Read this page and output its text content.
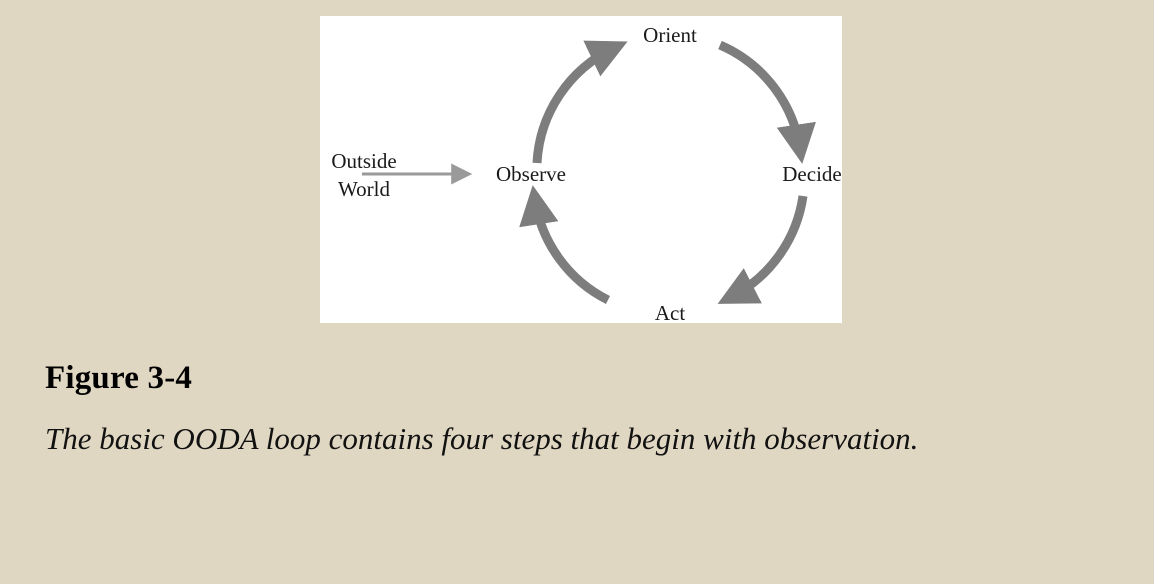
Outside
World
Observe
Orient
Decide
Act
Figure 3-4
The basic OODA loop contains four steps that begin with observation.
